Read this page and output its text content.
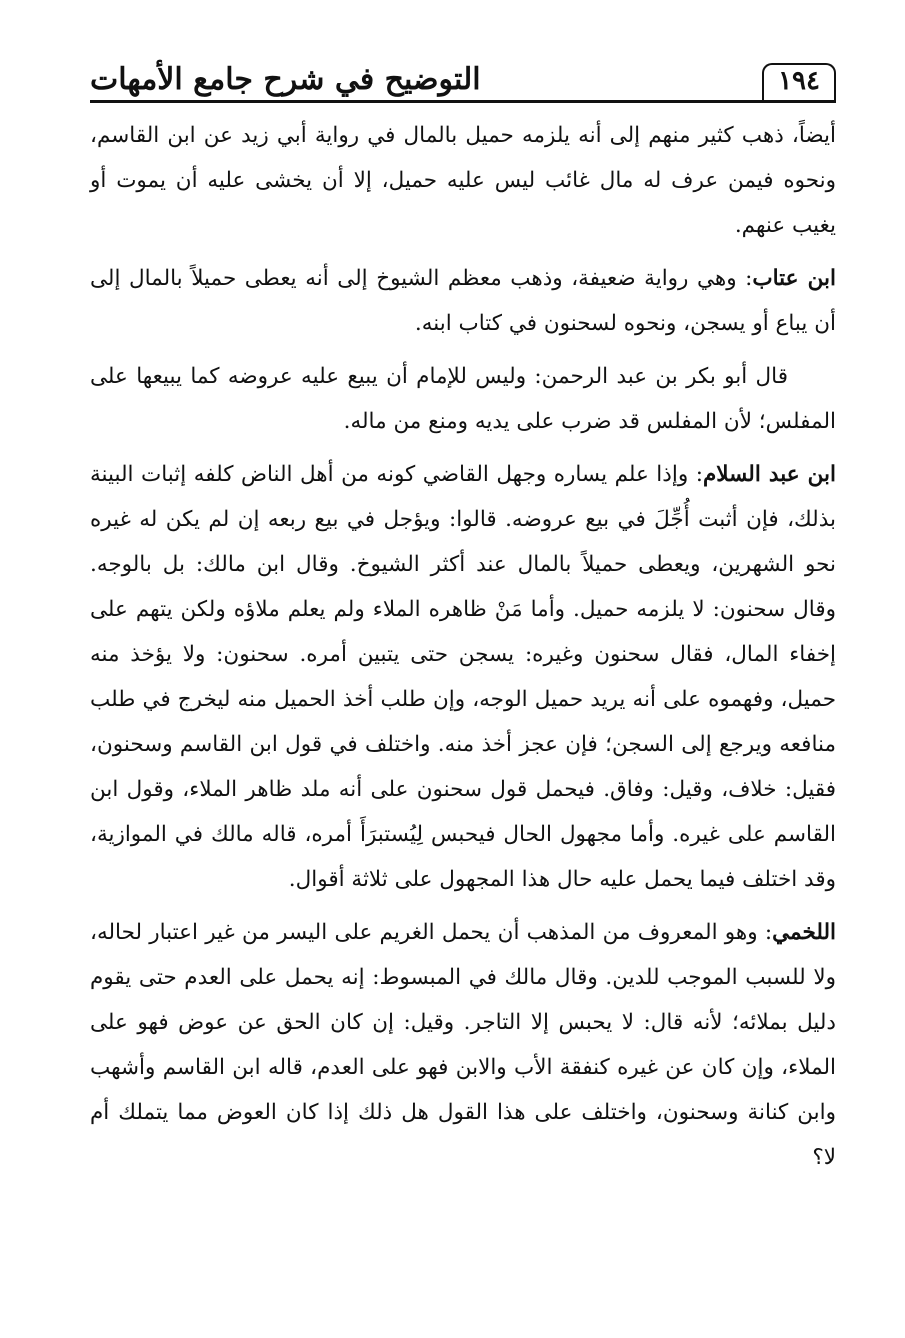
١٩٤
التوضيح في شرح جامع الأمهات

أيضاً، ذهب كثير منهم إلى أنه يلزمه حميل بالمال في رواية أبي زيد عن ابن القاسم، ونحوه فيمن عرف له مال غائب ليس عليه حميل، إلا أن يخشى عليه أن يموت أو يغيب عنهم.

ابن عتاب: وهي رواية ضعيفة، وذهب معظم الشيوخ إلى أنه يعطى حميلاً بالمال إلى أن يباع أو يسجن، ونحوه لسحنون في كتاب ابنه.

قال أبو بكر بن عبد الرحمن: وليس للإمام أن يبيع عليه عروضه كما يبيعها على المفلس؛ لأن المفلس قد ضرب على يديه ومنع من ماله.

ابن عبد السلام: وإذا علم يساره وجهل القاضي كونه من أهل الناض كلفه إثبات البينة بذلك، فإن أثبت أُجِّلَ في بيع عروضه. قالوا: ويؤجل في بيع ربعه إن لم يكن له غيره نحو الشهرين، ويعطى حميلاً بالمال عند أكثر الشيوخ. وقال ابن مالك: بل بالوجه. وقال سحنون: لا يلزمه حميل. وأما مَنْ ظاهره الملاء ولم يعلم ملاؤه ولكن يتهم على إخفاء المال، فقال سحنون وغيره: يسجن حتى يتبين أمره. سحنون: ولا يؤخذ منه حميل، وفهموه على أنه يريد حميل الوجه، وإن طلب أخذ الحميل منه ليخرج في طلب منافعه ويرجع إلى السجن؛ فإن عجز أخذ منه. واختلف في قول ابن القاسم وسحنون، فقيل: خلاف، وقيل: وفاق. فيحمل قول سحنون على أنه ملد ظاهر الملاء، وقول ابن القاسم على غيره. وأما مجهول الحال فيحبس لِيُستبرَأَ أمره، قاله مالك في الموازية، وقد اختلف فيما يحمل عليه حال هذا المجهول على ثلاثة أقوال.

اللخمي: وهو المعروف من المذهب أن يحمل الغريم على اليسر من غير اعتبار لحاله، ولا للسبب الموجب للدين. وقال مالك في المبسوط: إنه يحمل على العدم حتى يقوم دليل بملائه؛ لأنه قال: لا يحبس إلا التاجر. وقيل: إن كان الحق عن عوض فهو على الملاء، وإن كان عن غيره كنفقة الأب والابن فهو على العدم، قاله ابن القاسم وأشهب وابن كنانة وسحنون، واختلف على هذا القول هل ذلك إذا كان العوض مما يتملك أم لا؟
